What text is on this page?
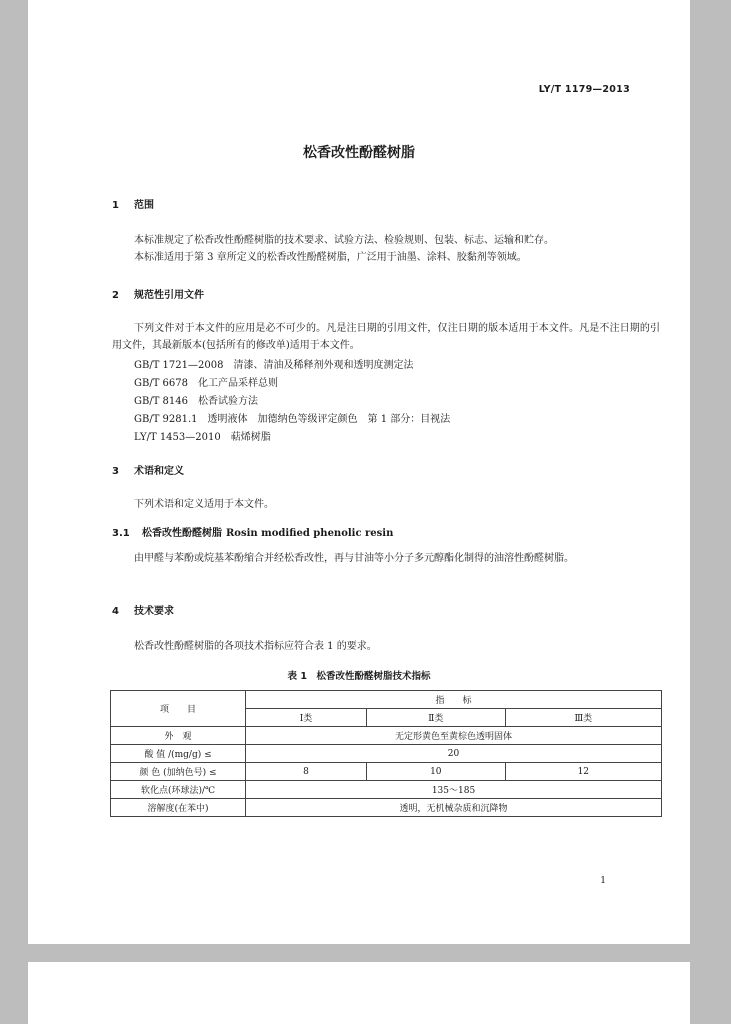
LY/T 1179—2013
松香改性酚醛树脂
1 范围
本标准规定了松香改性酚醛树脂的技术要求、试验方法、检验规则、包装、标志、运输和贮存。
本标准适用于第 3 章所定义的松香改性酚醛树脂，广泛用于油墨、涂料、胶黏剂等领域。
2 规范性引用文件
下列文件对于本文件的应用是必不可少的。凡是注日期的引用文件，仅注日期的版本适用于本文件。凡是不注日期的引用文件，其最新版本(包括所有的修改单)适用于本文件。
GB/T 1721—2008　清漆、清油及稀释剂外观和透明度测定法
GB/T 6678　化工产品采样总则
GB/T 8146　松香试验方法
GB/T 9281.1　透明液体　加德纳色等级评定颜色　第 1 部分：目视法
LY/T 1453—2010　萜烯树脂
3 术语和定义
下列术语和定义适用于本文件。
3.1 松香改性酚醛树脂 Rosin modified phenolic resin
由甲醛与苯酚或烷基苯酚缩合并经松香改性，再与甘油等小分子多元醇酯化制得的油溶性酚醛树脂。
4 技术要求
松香改性酚醛树脂的各项技术指标应符合表 1 的要求。
表 1　松香改性酚醛树脂技术指标
项　　目	指　　标		
	Ⅰ类	Ⅱ类	Ⅲ类
外　观	无定形黄色至黄棕色透明固体		
酸 值 /(mg/g) ≤	20		
颜 色 (加纳色号) ≤	8	10	12
软化点(环球法)/℃	135～185		
溶解度(在苯中)	透明，无机械杂质和沉降物		
1
